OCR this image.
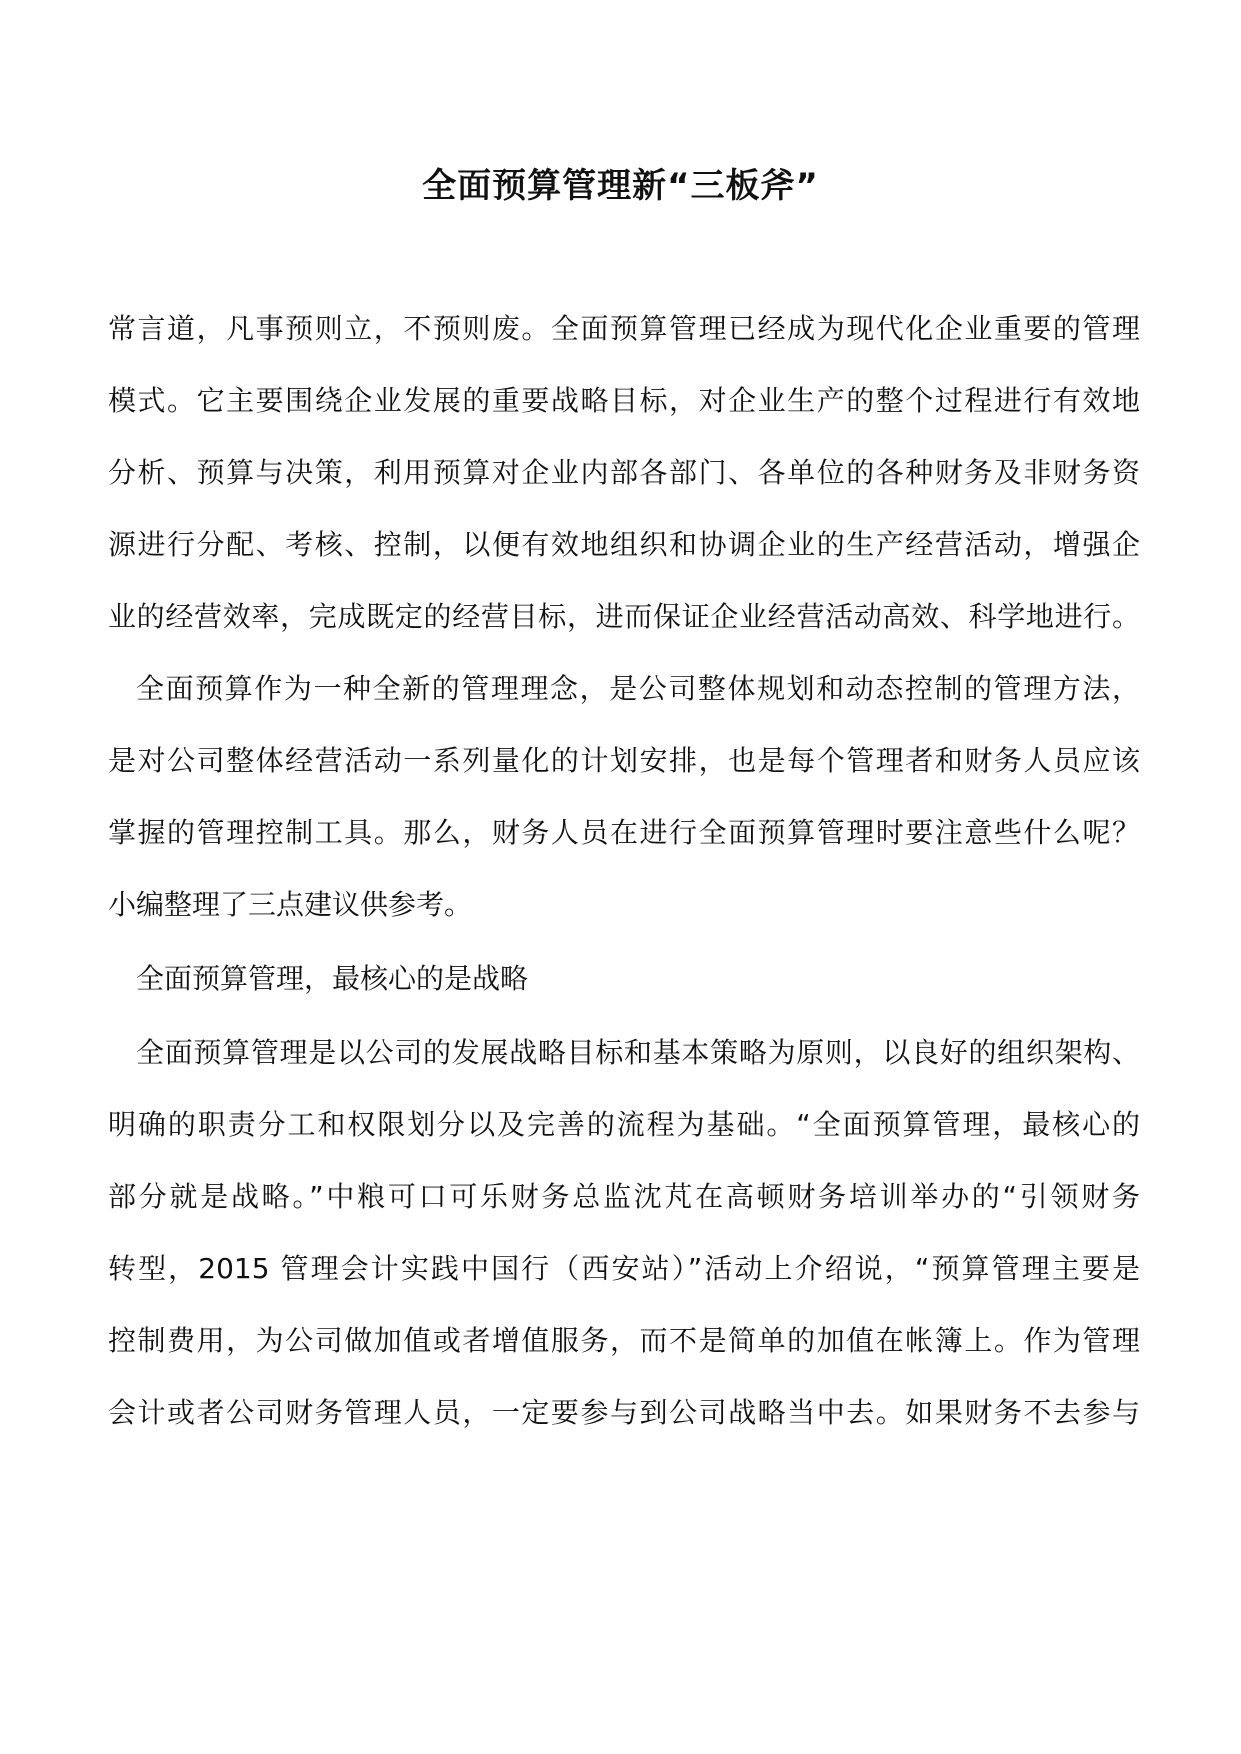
全面预算管理新“三板斧”

常言道，凡事预则立，不预则废。全面预算管理已经成为现代化企业重要的管理

模式。它主要围绕企业发展的重要战略目标，对企业生产的整个过程进行有效地

分析、预算与决策，利用预算对企业内部各部门、各单位的各种财务及非财务资

源进行分配、考核、控制，以便有效地组织和协调企业的生产经营活动，增强企

业的经营效率，完成既定的经营目标，进而保证企业经营活动高效、科学地进行。

全面预算作为一种全新的管理理念，是公司整体规划和动态控制的管理方法，

是对公司整体经营活动一系列量化的计划安排，也是每个管理者和财务人员应该

掌握的管理控制工具。那么，财务人员在进行全面预算管理时要注意些什么呢？

小编整理了三点建议供参考。

全面预算管理，最核心的是战略

全面预算管理是以公司的发展战略目标和基本策略为原则，以良好的组织架构、

明确的职责分工和权限划分以及完善的流程为基础。“全面预算管理，最核心的

部分就是战略。”中粮可口可乐财务总监沈芃在高顿财务培训举办的“引领财务

转型，2015 管理会计实践中国行（西安站）”活动上介绍说，“预算管理主要是

控制费用，为公司做加值或者增值服务，而不是简单的加值在帐簿上。作为管理

会计或者公司财务管理人员，一定要参与到公司战略当中去。如果财务不去参与
